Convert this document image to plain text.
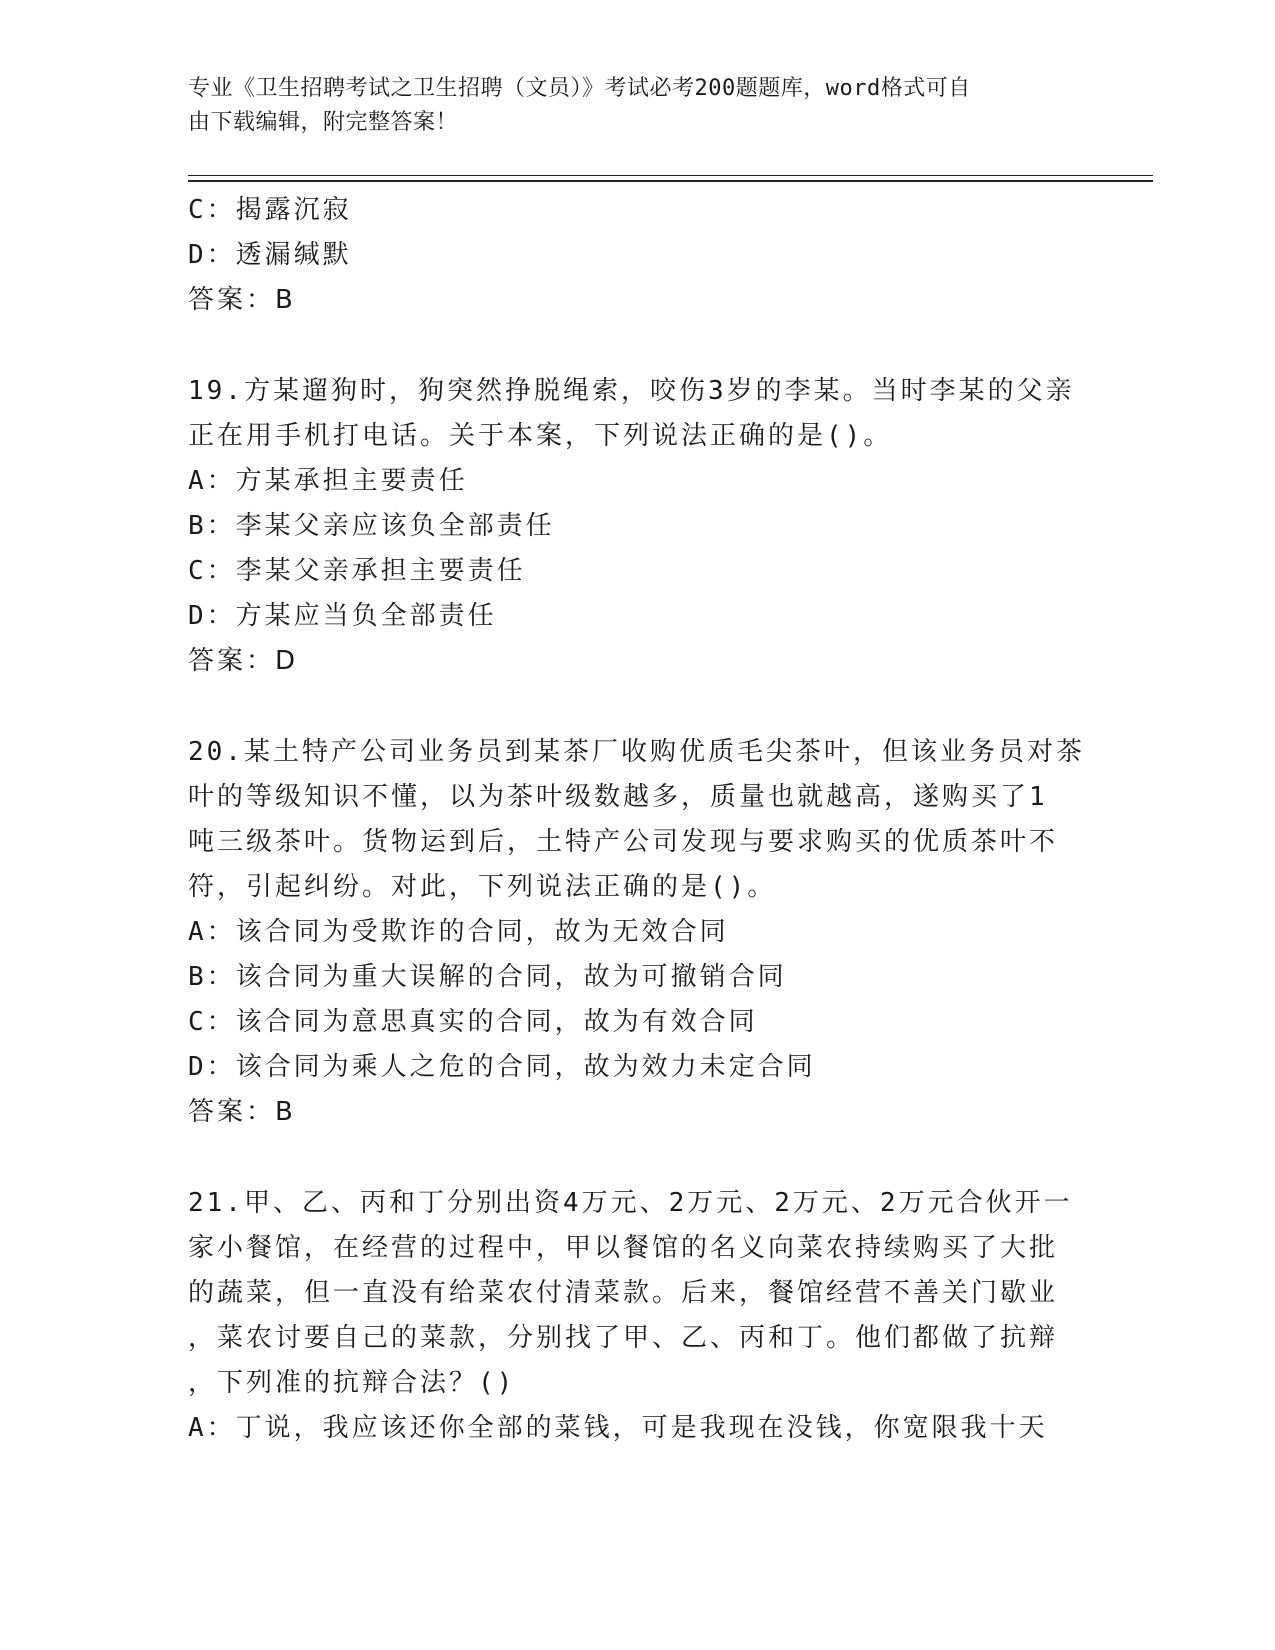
专业《卫生招聘考试之卫生招聘（文员）》考试必考200题题库，word格式可自
由下载编辑，附完整答案！
C：揭露沉寂
D：透漏缄默
答案：B
19.方某遛狗时，狗突然挣脱绳索，咬伤3岁的李某。当时李某的父亲
正在用手机打电话。关于本案，下列说法正确的是()。
A：方某承担主要责任
B：李某父亲应该负全部责任
C：李某父亲承担主要责任
D：方某应当负全部责任
答案：D
20.某土特产公司业务员到某茶厂收购优质毛尖茶叶，但该业务员对茶
叶的等级知识不懂，以为茶叶级数越多，质量也就越高，遂购买了1
吨三级茶叶。货物运到后，土特产公司发现与要求购买的优质茶叶不
符，引起纠纷。对此，下列说法正确的是()。
A：该合同为受欺诈的合同，故为无效合同
B：该合同为重大误解的合同，故为可撤销合同
C：该合同为意思真实的合同，故为有效合同
D：该合同为乘人之危的合同，故为效力未定合同
答案：B
21.甲、乙、丙和丁分别出资4万元、2万元、2万元、2万元合伙开一
家小餐馆，在经营的过程中，甲以餐馆的名义向菜农持续购买了大批
的蔬菜，但一直没有给菜农付清菜款。后来，餐馆经营不善关门歇业
，菜农讨要自己的菜款，分别找了甲、乙、丙和丁。他们都做了抗辩
，下列准的抗辩合法？()
A：丁说，我应该还你全部的菜钱，可是我现在没钱，你宽限我十天
